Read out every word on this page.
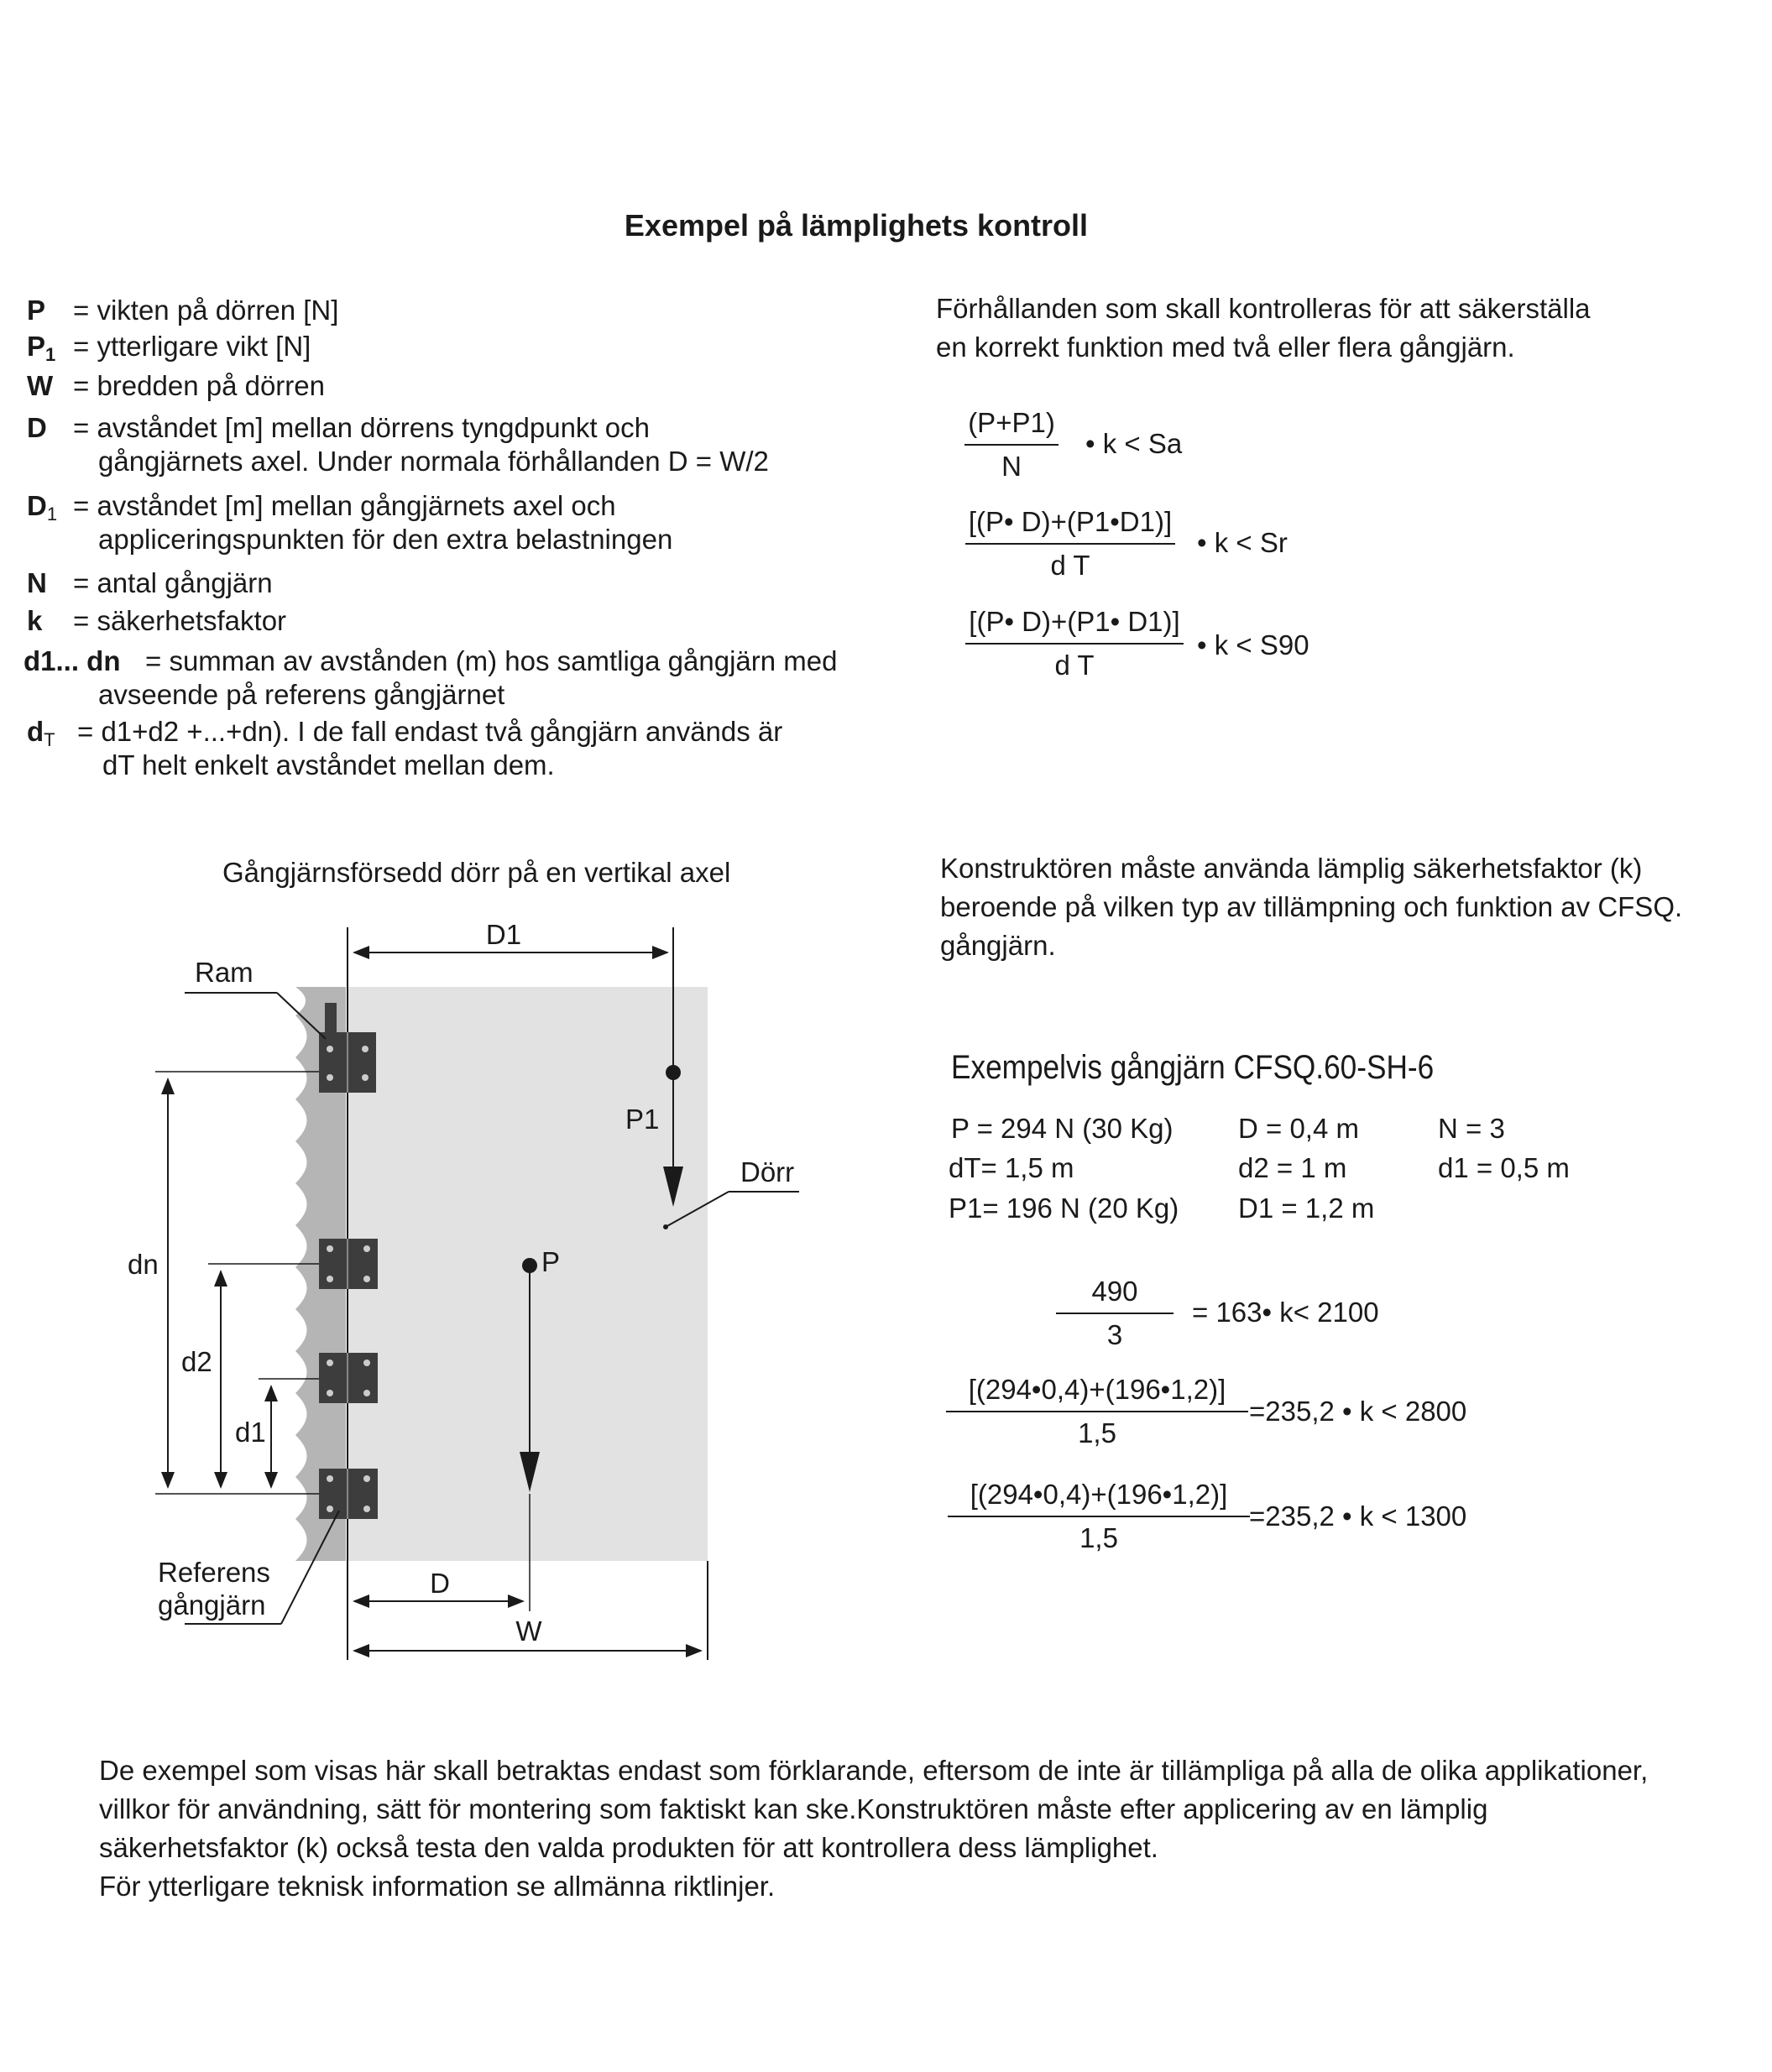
Exempel på lämplighets kontroll
P = vikten på dörren [N]
$P_1$ = ytterligare vikt [N]
W = bredden på dörren
D = avståndet [m] mellan dörrens tyngdpunkt och
gångjärnets axel. Under normala förhållanden D = W/2
$D_1$ = avståndet [m] mellan gångjärnets axel och
appliceringspunkten för den extra belastningen
N = antal gångjärn
k = säkerhetsfaktor
d1... dn = summan av avstånden (m) hos samtliga gångjärn med
avseende på referens gångjärnet
$d_T = d1+d2 +...+dn$). I de fall endast två gångjärn används är
dT helt enkelt avståndet mellan dem.
Förhållanden som skall kontrolleras för att säkerställa
en korrekt funktion med två eller flera gångjärn.
$\frac{(P+P1)}{N}$ • k < Sa
$\frac{[(P• D)+(P1•D1)]}{\text{d T}}$ • k < Sr
$\frac{[(P• D)+(P1• D1)]}{\text{d T}}$ • k < S90
Gångjärnsförsedd dörr på en vertikal axel
D1
P1
Dörr
P
Ram
dn
d2
d1
Referens
gångjärn
D
W
Konstruktören måste använda lämplig säkerhetsfaktor (k)
beroende på vilken typ av tillämpning och funktion av CFSQ.
gångjärn.
Exempelvis gångjärn CFSQ.60-SH-6
P = 294 N (30 Kg) D = 0,4 m	N = 3
dT= 1,5 m	d2 = 1 m	d1 = 0,5 m
P1= 196 N (20 Kg) D1 = 1,2 m
$\frac{490}{3}$ = 163• k< 2100
$\frac{[(294•0,4)+(196•1,2)]}{1,5} =235,2$ • k < 2800
$\frac{[(294•0,4)+(196•1,2)]}{1,5} =235,2$ • k < 1300
De exempel som visas här skall betraktas endast som förklarande, eftersom de inte är tillämpliga på alla de olika applikationer,
villkor för användning, sätt för montering som faktiskt kan ske.Konstruktören måste efter applicering av en lämplig
säkerhetsfaktor (k) också testa den valda produkten för att kontrollera dess lämplighet.
För ytterligare teknisk information se allmänna riktlinjer.
